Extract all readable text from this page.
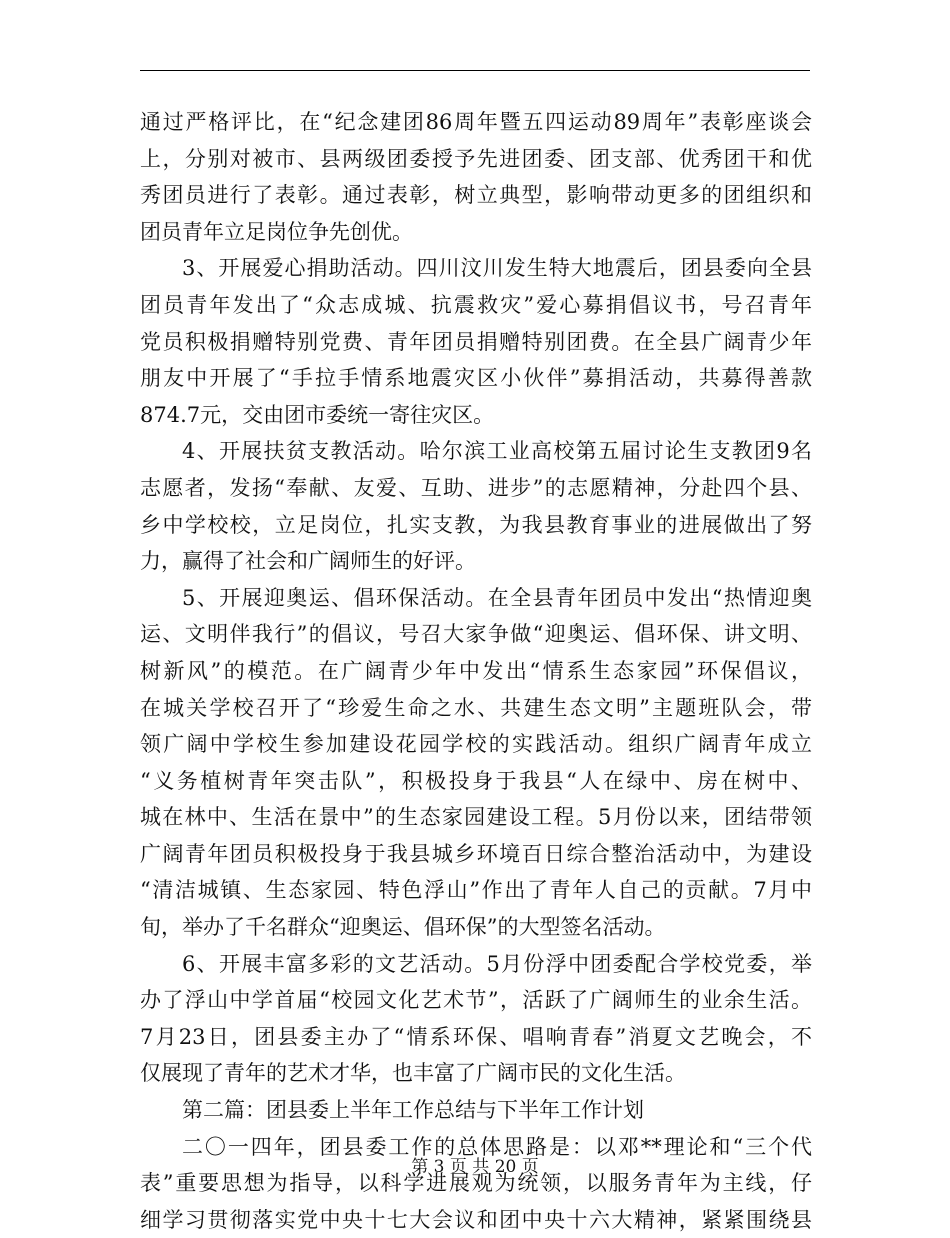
通过严格评比，在“纪念建团86周年暨五四运动89周年”表彰座谈会
上，分别对被市、县两级团委授予先进团委、团支部、优秀团干和优
秀团员进行了表彰。通过表彰，树立典型，影响带动更多的团组织和
团员青年立足岗位争先创优。
3、开展爱心捐助活动。四川汶川发生特大地震后，团县委向全县
团员青年发出了“众志成城、抗震救灾”爱心募捐倡议书，号召青年
党员积极捐赠特别党费、青年团员捐赠特别团费。在全县广阔青少年
朋友中开展了“手拉手情系地震灾区小伙伴”募捐活动，共募得善款
874.7元，交由团市委统一寄往灾区。
4、开展扶贫支教活动。哈尔滨工业高校第五届讨论生支教团9名
志愿者，发扬“奉献、友爱、互助、进步”的志愿精神，分赴四个县、
乡中学校校，立足岗位，扎实支教，为我县教育事业的进展做出了努
力，赢得了社会和广阔师生的好评。
5、开展迎奥运、倡环保活动。在全县青年团员中发出“热情迎奥
运、文明伴我行”的倡议，号召大家争做“迎奥运、倡环保、讲文明、
树新风”的模范。在广阔青少年中发出“情系生态家园”环保倡议，
在城关学校召开了“珍爱生命之水、共建生态文明”主题班队会，带
领广阔中学校生参加建设花园学校的实践活动。组织广阔青年成立
“义务植树青年突击队”，积极投身于我县“人在绿中、房在树中、
城在林中、生活在景中”的生态家园建设工程。5月份以来，团结带领
广阔青年团员积极投身于我县城乡环境百日综合整治活动中，为建设
“清洁城镇、生态家园、特色浮山”作出了青年人自己的贡献。7月中
旬，举办了千名群众“迎奥运、倡环保”的大型签名活动。
6、开展丰富多彩的文艺活动。5月份浮中团委配合学校党委，举
办了浮山中学首届“校园文化艺术节”，活跃了广阔师生的业余生活。
7月23日，团县委主办了“情系环保、唱响青春”消夏文艺晚会，不
仅展现了青年的艺术才华，也丰富了广阔市民的文化生活。
第二篇：团县委上半年工作总结与下半年工作计划
二〇一四年，团县委工作的总体思路是：以邓**理论和“三个代
表”重要思想为指导，以科学进展观为统领，以服务青年为主线，仔
细学习贯彻落实党中央十七大会议和团中央十六大精神，紧紧围绕县
第 3 页 共 20 页
